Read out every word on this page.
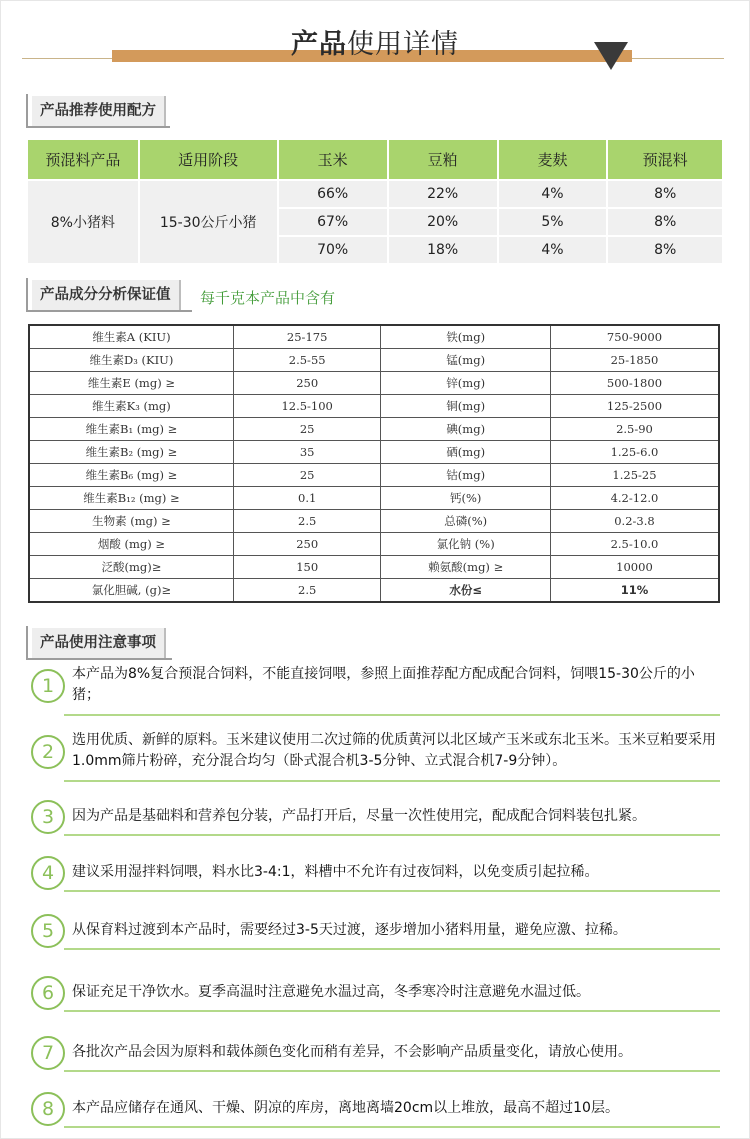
产品使用详情
产品推荐使用配方
预混料产品	适用阶段	玉米	豆粕	麦麸	预混料
8%小猪料	15-30公斤小猪	66%	22%	4%	8%
		67%	20%	5%	8%
		70%	18%	4%	8%
产品成分分析保证值	每千克本产品中含有
维生素A (KIU)	25-175	铁(mg)	750-9000
维生素D₃ (KIU)	2.5-55	锰(mg)	25-1850
维生素E (mg) ≥	250	锌(mg)	500-1800
维生素K₃ (mg)	12.5-100	铜(mg)	125-2500
维生素B₁ (mg) ≥	25	碘(mg)	2.5-90
维生素B₂ (mg) ≥	35	硒(mg)	1.25-6.0
维生素B₆ (mg) ≥	25	钴(mg)	1.25-25
维生素B₁₂ (mg) ≥	0.1	钙(%)	4.2-12.0
生物素 (mg) ≥	2.5	总磷(%)	0.2-3.8
烟酸 (mg) ≥	250	氯化钠 (%)	2.5-10.0
泛酸(mg)≥	150	赖氨酸(mg) ≥	10000
氯化胆碱, (g)≥	2.5	水份≤	11%
产品使用注意事项
1
本产品为8%复合预混合饲料，不能直接饲喂，参照上面推荐配方配成配合饲料，饲喂15-30公斤的小猪；
2
选用优质、新鲜的原料。玉米建议使用二次过筛的优质黄河以北区域产玉米或东北玉米。玉米豆粕要采用1.0mm筛片粉碎，充分混合均匀（卧式混合机3-5分钟、立式混合机7-9分钟）。
3	因为产品是基础料和营养包分装，产品打开后，尽量一次性使用完，配成配合饲料装包扎紧。
4	建议采用湿拌料饲喂，料水比3-4:1，料槽中不允许有过夜饲料，以免变质引起拉稀。
5	从保育料过渡到本产品时，需要经过3-5天过渡，逐步增加小猪料用量，避免应激、拉稀。
6	保证充足干净饮水。夏季高温时注意避免水温过高，冬季寒冷时注意避免水温过低。
7	各批次产品会因为原料和载体颜色变化而稍有差异，不会影响产品质量变化，请放心使用。
8	本产品应储存在通风、干燥、阴凉的库房，离地离墙20cm以上堆放，最高不超过10层。
